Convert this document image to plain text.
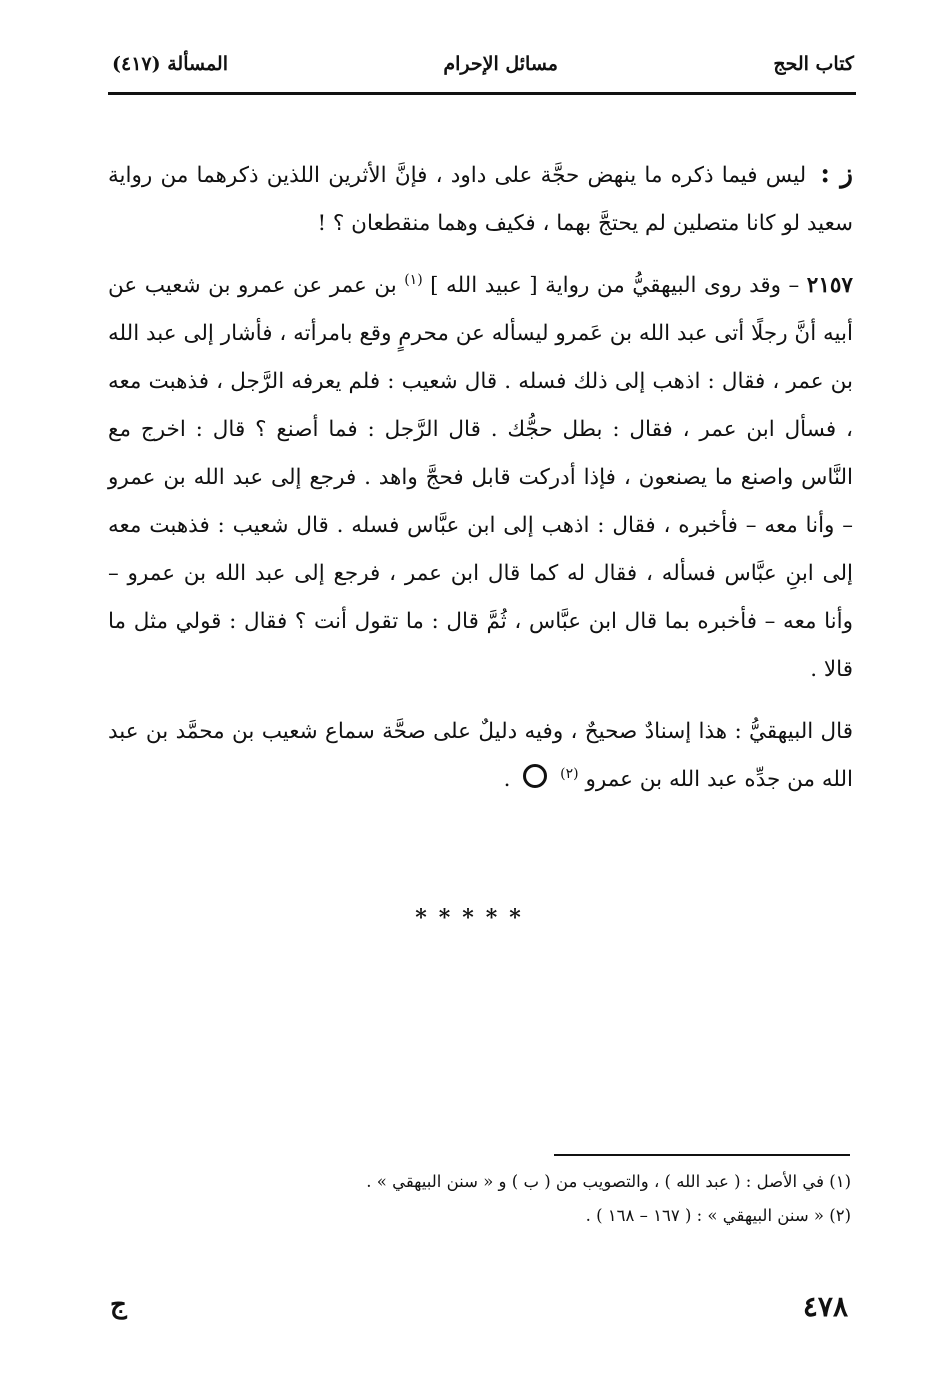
المسألة (٤١٧)	مسائل الإحرام	كتاب الحج

ز : ليس فيما ذكره ما ينهض حجَّة على داود ، فإنَّ الأثرين اللذين ذكرهما من رواية سعيد لو كانا متصلين لم يحتجَّ بهما ، فكيف وهما منقطعان ؟ !

٢١٥٧ – وقد روى البيهقيُّ من رواية [ عبيد الله ] $^{(١)}$ بن عمر عن عمرو بن شعيب عن أبيه أنَّ رجلًا أتى عبد الله بن عَمرو ليسأله عن محرمٍ وقع بامرأته ، فأشار إلى عبد الله بن عمر ، فقال : اذهب إلى ذلك فسله . قال شعيب : فلم يعرفه الرَّجل ، فذهبت معه ، فسأل ابن عمر ، فقال : بطل حجُّك . قال الرَّجل : فما أصنع ؟ قال : اخرج مع النَّاس واصنع ما يصنعون ، فإذا أدركت قابل فحجَّ واهد . فرجع إلى عبد الله بن عمرو – وأنا معه – فأخبره ، فقال : اذهب إلى ابن عبَّاس فسله . قال شعيب : فذهبت معه إلى ابنِ عبَّاس فسأله ، فقال له كما قال ابن عمر ، فرجع إلى عبد الله بن عمرو – وأنا معه – فأخبره بما قال ابن عبَّاس ، ثُمَّ قال : ما تقول أنت ؟ فقال : قولي مثل ما قالا .

قال البيهقيُّ : هذا إسنادٌ صحيحٌ ، وفيه دليلٌ على صحَّة سماع شعيب بن محمَّد بن عبد الله من جدِّه عبد الله بن عمرو $^{(٢)}$  .

*****
(١) في الأصل : ( عبد الله ) ، والتصويب من ( ب ) و « سنن البيهقي » .
(٢) « سنن البيهقي » : ( ١٦٧ – ١٦٨ ) .
٤٧٨
ج
